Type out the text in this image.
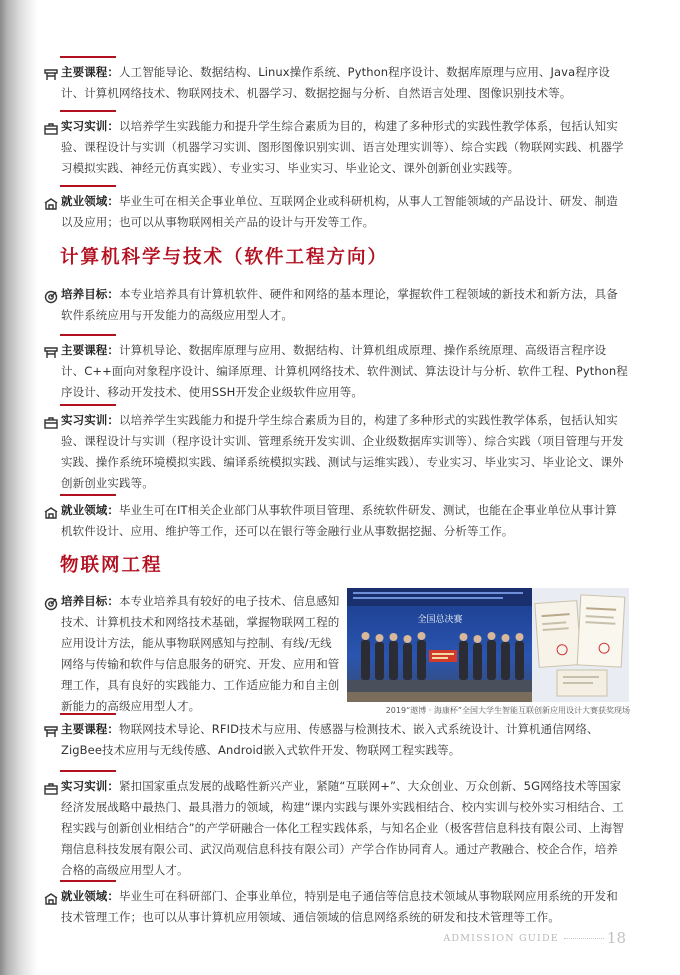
主要课程：人工智能导论、数据结构、Linux操作系统、Python程序设计、数据库原理与应用、Java程序设计、计算机网络技术、物联网技术、机器学习、数据挖掘与分析、自然语言处理、图像识别技术等。
实习实训：以培养学生实践能力和提升学生综合素质为目的，构建了多种形式的实践性教学体系，包括认知实验、课程设计与实训（机器学习实训、图形图像识别实训、语言处理实训等）、综合实践（物联网实践、机器学习模拟实践、神经元仿真实践）、专业实习、毕业实习、毕业论文、课外创新创业实践等。
就业领域：毕业生可在相关企事业单位、互联网企业或科研机构，从事人工智能领域的产品设计、研发、制造以及应用；也可以从事物联网相关产品的设计与开发等工作。
计算机科学与技术（软件工程方向）
培养目标：本专业培养具有计算机软件、硬件和网络的基本理论，掌握软件工程领域的新技术和新方法，具备软件系统应用与开发能力的高级应用型人才。
主要课程：计算机导论、数据库原理与应用、数据结构、计算机组成原理、操作系统原理、高级语言程序设计、C++面向对象程序设计、编译原理、计算机网络技术、软件测试、算法设计与分析、软件工程、Python程序设计、移动开发技术、使用SSH开发企业级软件应用等。
实习实训：以培养学生实践能力和提升学生综合素质为目的，构建了多种形式的实践性教学体系，包括认知实验、课程设计与实训（程序设计实训、管理系统开发实训、企业级数据库实训等）、综合实践（项目管理与开发实践、操作系统环境模拟实践、编译系统模拟实践、测试与运维实践）、专业实习、毕业实习、毕业论文、课外创新创业实践等。
就业领域：毕业生可在IT相关企业部门从事软件项目管理、系统软件研发、测试，也能在企事业单位从事计算机软件设计、应用、维护等工作，还可以在银行等金融行业从事数据挖掘、分析等工作。
物联网工程
培养目标：本专业培养具有较好的电子技术、信息感知技术、计算机技术和网络技术基础，掌握物联网工程的应用设计方法，能从事物联网感知与控制、有线/无线网络与传输和软件与信息服务的研究、开发、应用和管理工作，具有良好的实践能力、工作适应能力和自主创新能力的高级应用型人才。
主要课程：物联网技术导论、RFID技术与应用、传感器与检测技术、嵌入式系统设计、计算机通信网络、ZigBee技术应用与无线传感、Android嵌入式软件开发、物联网工程实践等。
实习实训：紧扣国家重点发展的战略性新兴产业，紧随“互联网+”、大众创业、万众创新、5G网络技术等国家经济发展战略中最热门、最具潜力的领域，构建“课内实践与课外实践相结合、校内实训与校外实习相结合、工程实践与创新创业相结合”的产学研融合一体化工程实践体系，与知名企业（极客营信息科技有限公司、上海智翔信息科技发展有限公司、武汉尚观信息科技有限公司）产学合作协同育人。通过产教融合、校企合作，培养合格的高级应用型人才。
就业领域：毕业生可在科研部门、企事业单位，特别是电子通信等信息技术领域从事物联网应用系统的开发和技术管理工作；也可以从事计算机应用领域、通信领域的信息网络系统的研发和技术管理等工作。
全国总决赛
2019“遨博 · 海康杯”全国大学生智能互联创新应用设计大赛获奖现场
ADMISSION GUIDE	18
